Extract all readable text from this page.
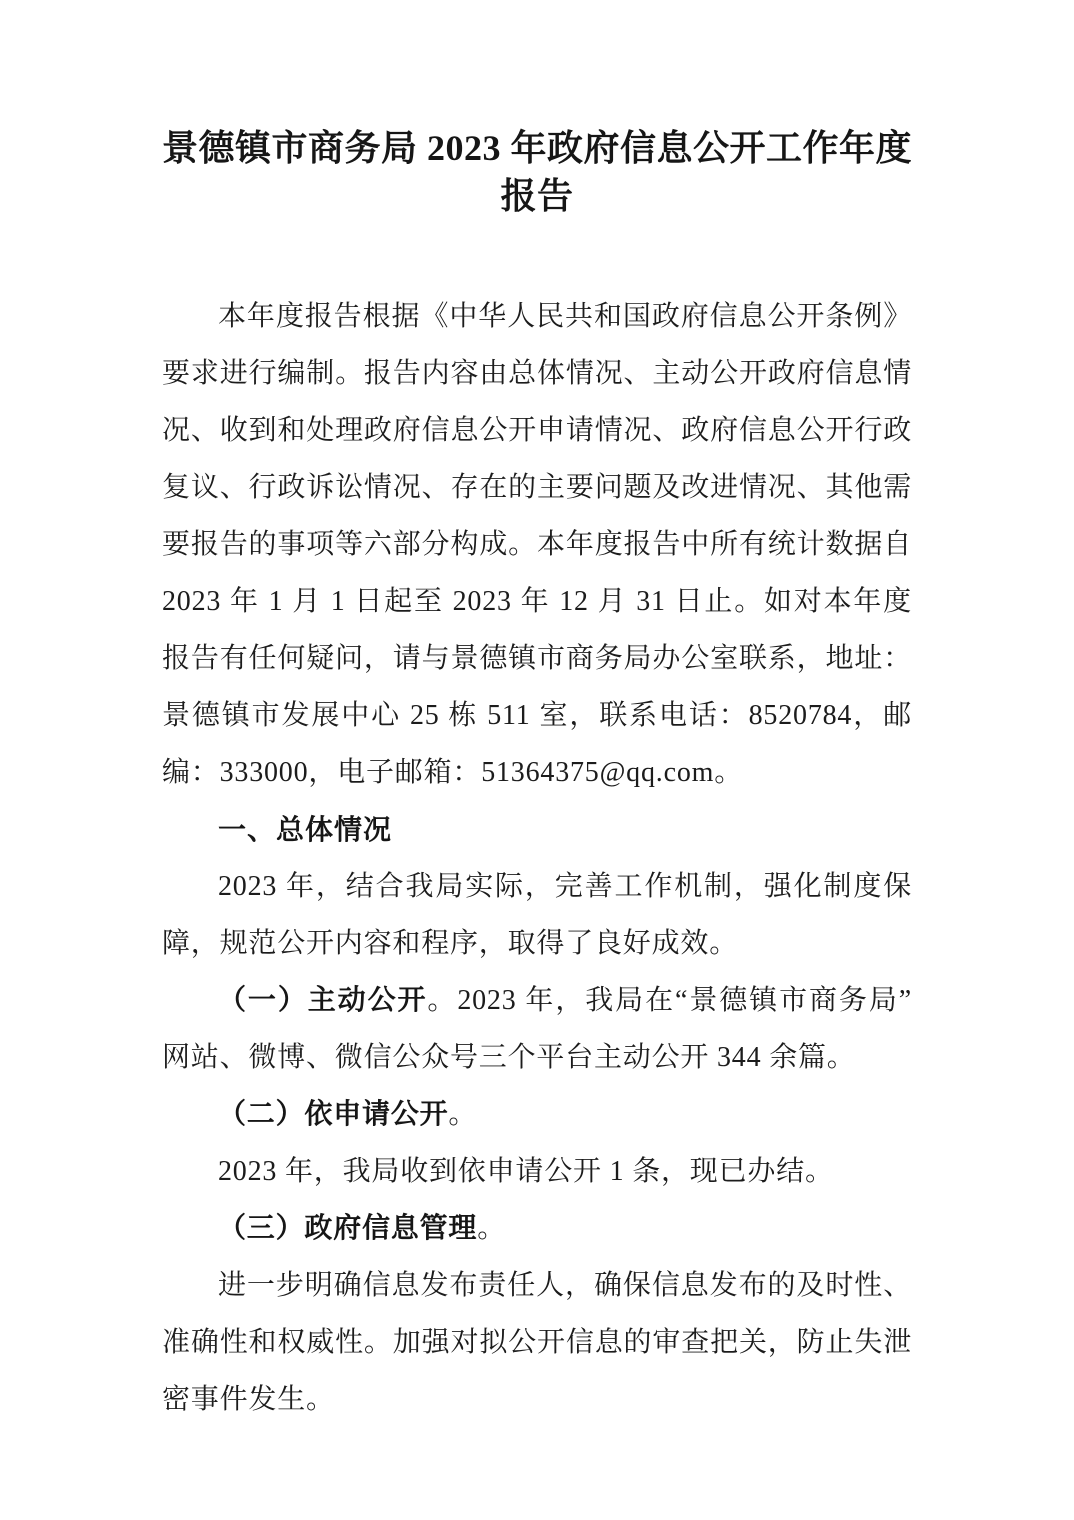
景德镇市商务局 2023 年政府信息公开工作年度报告

本年度报告根据《中华人民共和国政府信息公开条例》要求进行编制。报告内容由总体情况、主动公开政府信息情况、收到和处理政府信息公开申请情况、政府信息公开行政复议、行政诉讼情况、存在的主要问题及改进情况、其他需要报告的事项等六部分构成。本年度报告中所有统计数据自 2023 年 1 月 1 日起至 2023 年 12 月 31 日止。如对本年度报告有任何疑问，请与景德镇市商务局办公室联系，地址：景德镇市发展中心 25 栋 511 室，联系电话：8520784，邮编：333000，电子邮箱：51364375@qq.com。

一、总体情况

2023 年，结合我局实际，完善工作机制，强化制度保障，规范公开内容和程序，取得了良好成效。

（一）主动公开。2023 年，我局在“景德镇市商务局”网站、微博、微信公众号三个平台主动公开 344 余篇。

（二）依申请公开。

2023 年，我局收到依申请公开 1 条，现已办结。

（三）政府信息管理。

进一步明确信息发布责任人，确保信息发布的及时性、准确性和权威性。加强对拟公开信息的审查把关，防止失泄密事件发生。
